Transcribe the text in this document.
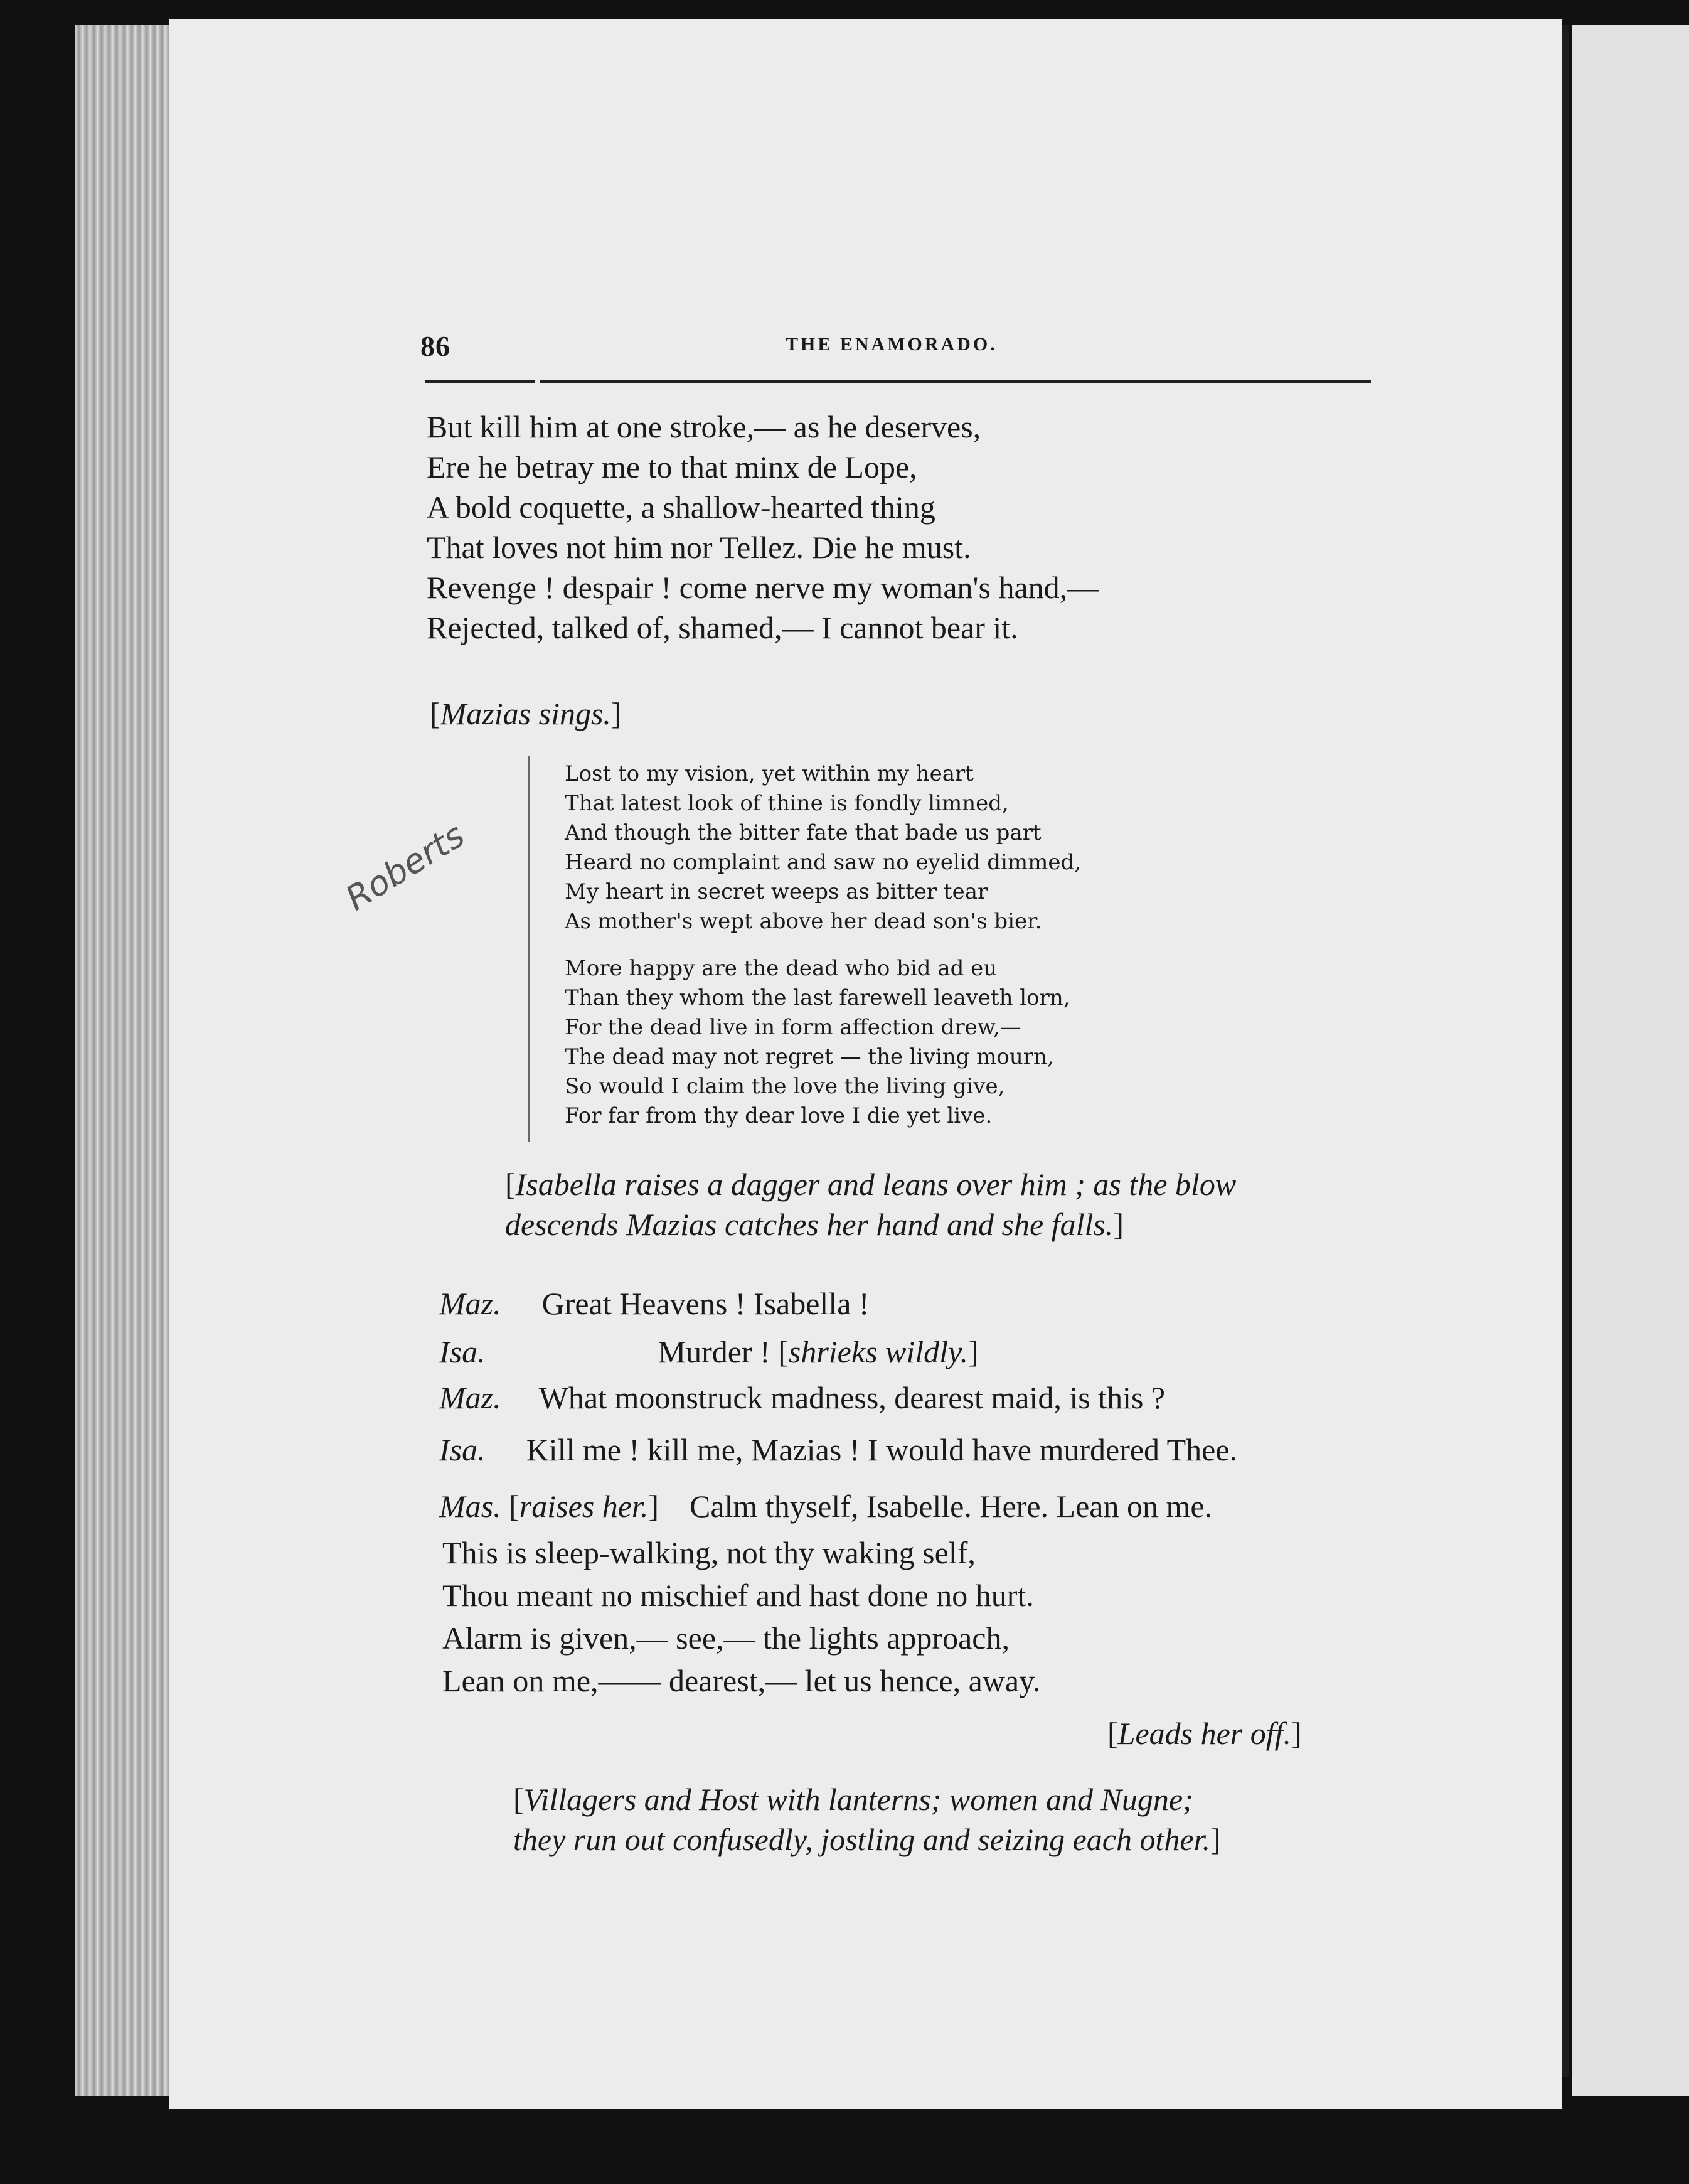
86	THE ENAMORADO.
But kill him at one stroke,— as he deserves,
Ere he betray me to that minx de Lope,
A bold coquette, a shallow-hearted thing
That loves not him nor Tellez. Die he must.
Revenge ! despair ! come nerve my woman's hand,—
Rejected, talked of, shamed,— I cannot bear it.
[Mazias sings.]
Lost to my vision, yet within my heart
That latest look of thine is fondly limned,
And though the bitter fate that bade us part
Heard no complaint and saw no eyelid dimmed,
My heart in secret weeps as bitter tear
As mother's wept above her dead son's bier.
More happy are the dead who bid ad eu
Than they whom the last farewell leaveth lorn,
For the dead live in form affection drew,—
The dead may not regret — the living mourn,
So would I claim the love the living give,
For far from thy dear love I die yet live.
Roberts
[Isabella raises a dagger and leans over him ; as the blow
descends Mazias catches her hand and she falls.]
Maz. Great Heavens ! Isabella !
Isa.	Murder ! [shrieks wildly.]
Maz. What moonstruck madness, dearest maid, is this ?
Isa. Kill me ! kill me, Mazias ! I would have murdered Thee.
Mas. [raises her.] Calm thyself, Isabelle. Here. Lean on me.
This is sleep-walking, not thy waking self,
Thou meant no mischief and hast done no hurt.
Alarm is given,— see,— the lights approach,
Lean on me,—— dearest,— let us hence, away.
[Leads her off.]
[Villagers and Host with lanterns; women and Nugne;
they run out confusedly, jostling and seizing each other.]
